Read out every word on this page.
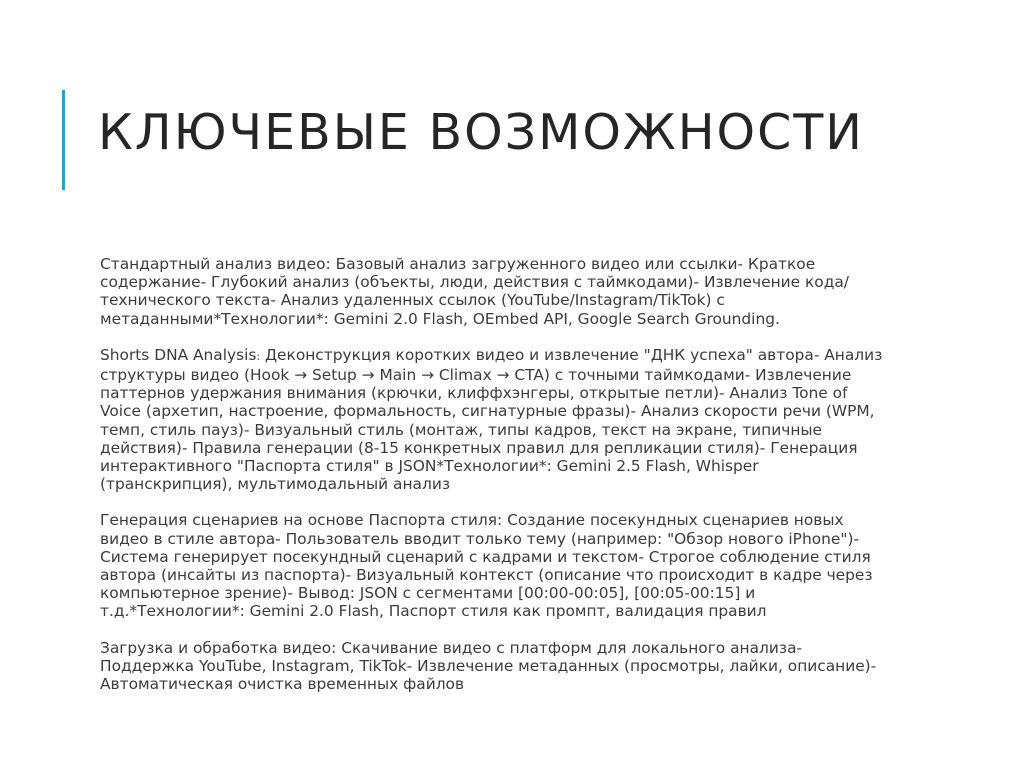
КЛЮЧЕВЫЕ ВОЗМОЖНОСТИ

Стандартный анализ видео: Базовый анализ загруженного видео или ссылки- Краткое содержание- Глубокий анализ (объекты, люди, действия с таймкодами)- Извлечение кода/технического текста- Анализ удаленных ссылок (YouTube/Instagram/TikTok) с метаданными*Технологии*: Gemini 2.0 Flash, OEmbed API, Google Search Grounding.

Shorts DNA Analysis: Деконструкция коротких видео и извлечение "ДНК успеха" автора- Анализ структуры видео (Hook → Setup → Main → Climax → CTA) с точными таймкодами- Извлечение паттернов удержания внимания (крючки, клиффхэнгеры, открытые петли)- Анализ Tone of Voice (архетип, настроение, формальность, сигнатурные фразы)- Анализ скорости речи (WPM, темп, стиль пауз)- Визуальный стиль (монтаж, типы кадров, текст на экране, типичные действия)- Правила генерации (8-15 конкретных правил для репликации стиля)- Генерация интерактивного "Паспорта стиля" в JSON*Технологии*: Gemini 2.5 Flash, Whisper (транскрипция), мультимодальный анализ

Генерация сценариев на основе Паспорта стиля: Создание посекундных сценариев новых видео в стиле автора- Пользователь вводит только тему (например: "Обзор нового iPhone")- Система генерирует посекундный сценарий с кадрами и текстом- Строгое соблюдение стиля автора (инсайты из паспорта)- Визуальный контекст (описание что происходит в кадре через компьютерное зрение)- Вывод: JSON с сегментами [00:00-00:05], [00:05-00:15] и т.д.*Технологии*: Gemini 2.0 Flash, Паспорт стиля как промпт, валидация правил

Загрузка и обработка видео: Скачивание видео с платформ для локального анализа- Поддержка YouTube, Instagram, TikTok- Извлечение метаданных (просмотры, лайки, описание)- Автоматическая очистка временных файлов
